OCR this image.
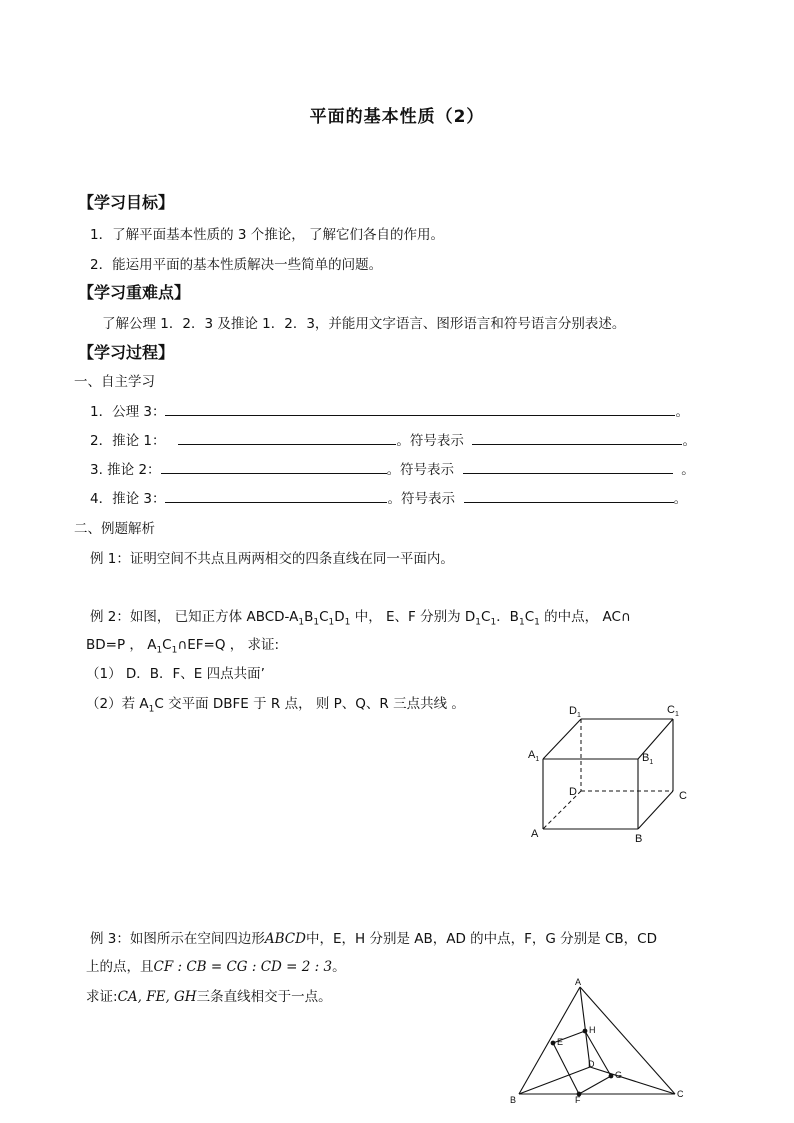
平面的基本性质（2）
【学习目标】
1．了解平面基本性质的 3 个推论， 了解它们各自的作用。
2．能运用平面的基本性质解决一些简单的问题。
【学习重难点】
了解公理 1．2．3 及推论 1．2．3，并能用文字语言、图形语言和符号语言分别表述。
【学习过程】
一、自主学习
1．公理 3：	。
2．推论 1：	。符号表示	。
3. 推论 2：	。符号表示	。
4．推论 3：	。符号表示	。
二、例题解析
例 1：证明空间不共点且两两相交的四条直线在同一平面内。
例 2：如图， 已知正方体 ABCD-$A_1B_1C_1D_1$ 中， E、F 分别为 $D_1C_1$．$B_1C_1$ 的中点， AC∩
BD=P ， $A_1C_1\cap EF=Q$ ， 求证:
（1） D．B．F、E 四点共面’
（2）若 $A_1C$ 交平面 DBFE 于 R 点， 则 P、Q、R 三点共线 。	$D_1$	$C_1$
$A_1$	$B_1$
D	C
A	B
例 3：如图所示在空间四边形ABCD中，E，H 分别是 AB，AD 的中点，F，G 分别是 CB，CD
上的点，且CF : CB = CG : CD = 2 : 3。
求证:CA, FE, GH三条直线相交于一点。
A
B
C
D
E
F
G
H
